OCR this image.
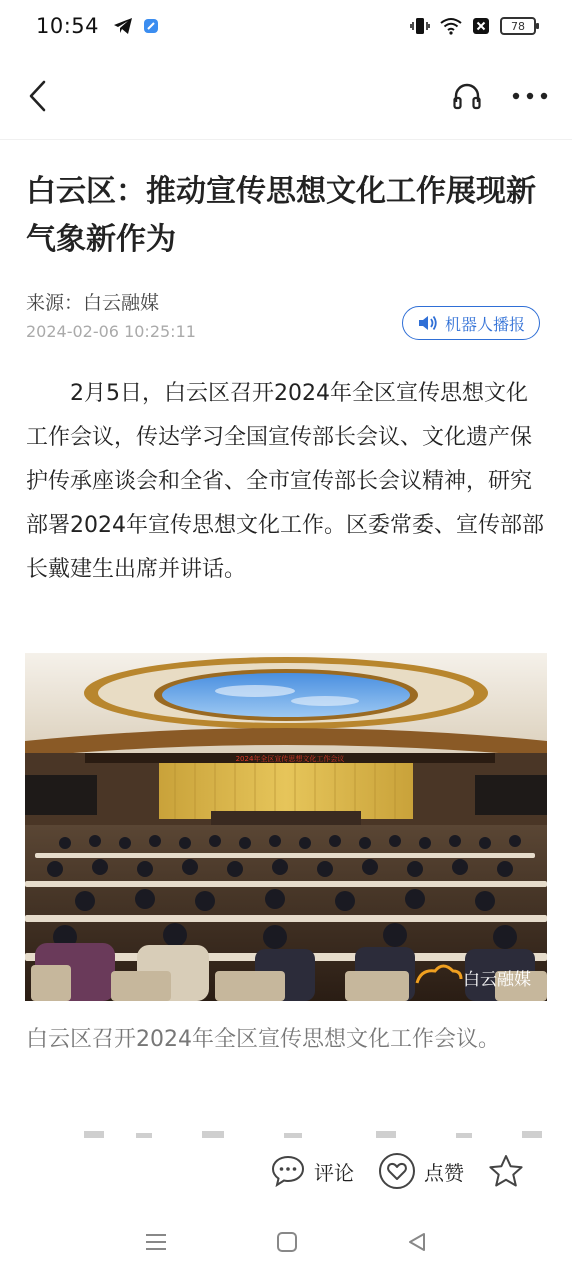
10:54	78
白云区：推动宣传思想文化工作展现新气象新作为
来源：白云融媒
2024-02-06 10:25:11	机器人播报

2月5日，白云区召开2024年全区宣传思想文化工作会议，传达学习全国宣传部长会议、文化遗产保护传承座谈会和全省、全市宣传部长会议精神，研究部署2024年宣传思想文化工作。区委常委、宣传部部长戴建生出席并讲话。

2024年全区宣传思想文化工作会议
白云融媒

白云区召开2024年全区宣传思想文化工作会议。

评论	点赞
